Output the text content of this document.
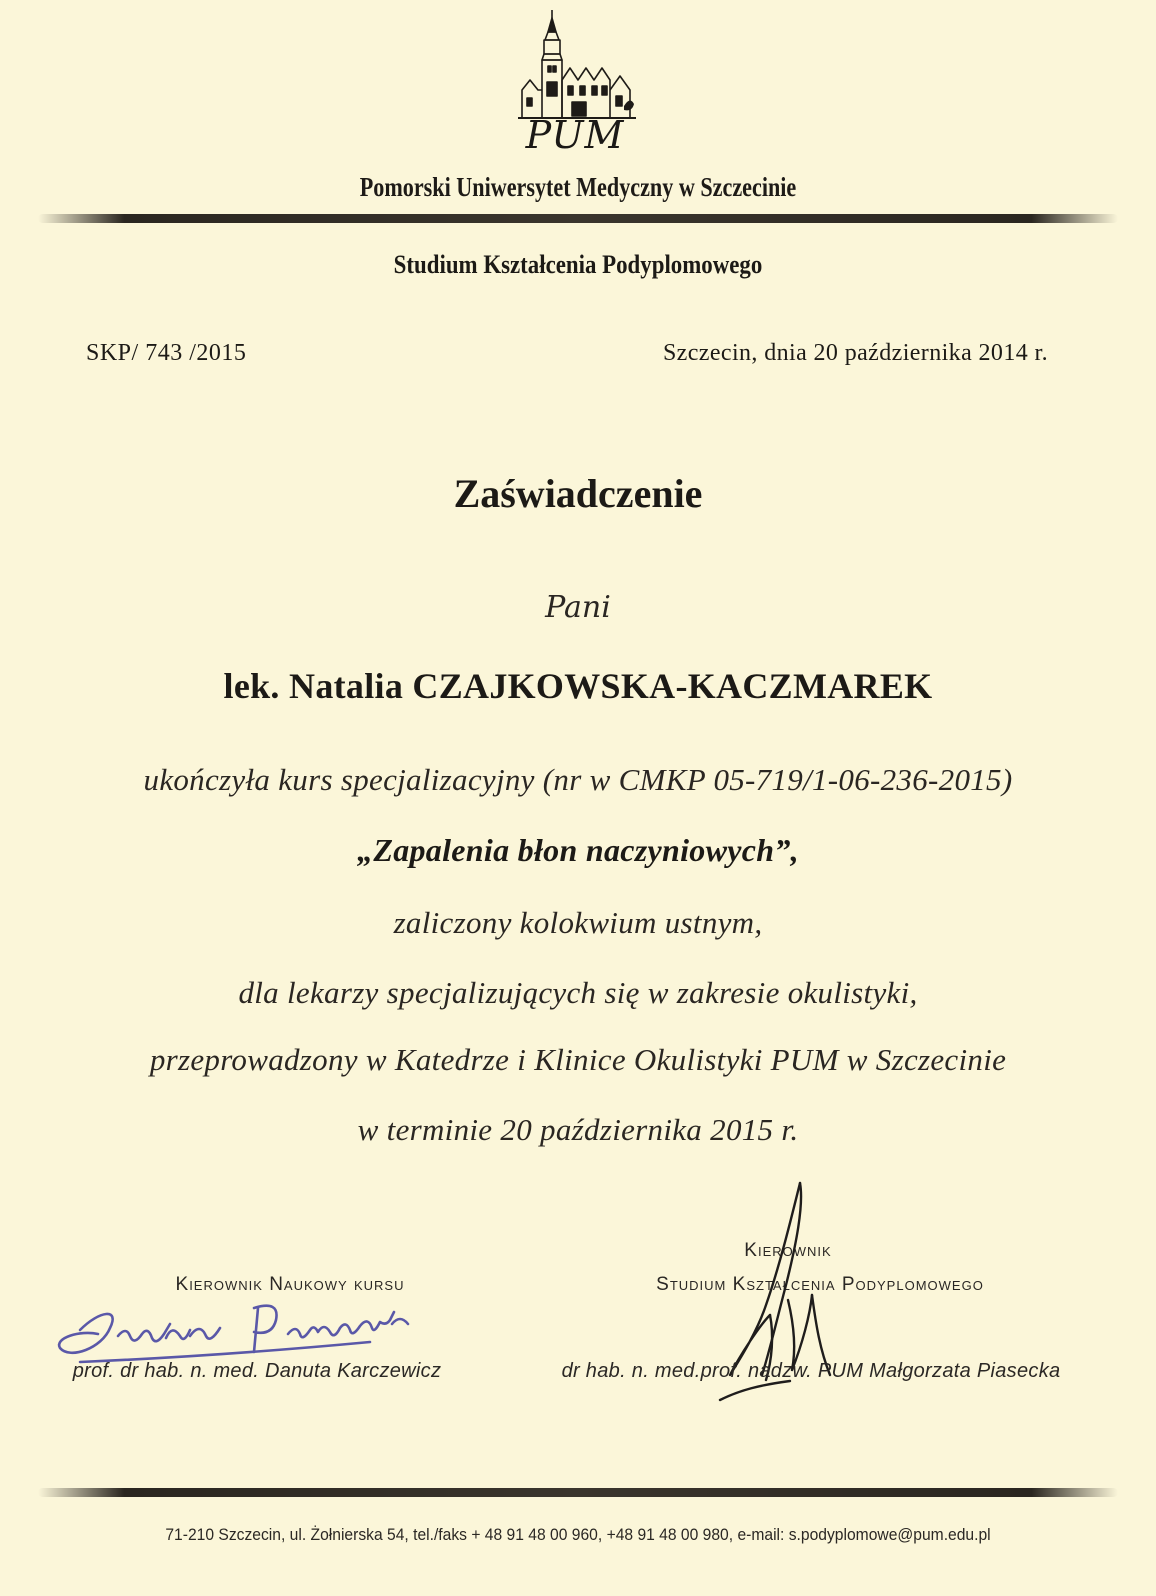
PUM
Pomorski Uniwersytet Medyczny w Szczecinie
Studium Kształcenia Podyplomowego
SKP/ 743 /2015	Szczecin, dnia 20 października 2014 r.
Zaświadczenie
Pani
lek. Natalia CZAJKOWSKA-KACZMAREK
ukończyła kurs specjalizacyjny (nr w CMKP 05-719/1-06-236-2015)
„Zapalenia błon naczyniowych”,
zaliczony kolokwium ustnym,
dla lekarzy specjalizujących się w zakresie okulistyki,
przeprowadzony w Katedrze i Klinice Okulistyki PUM w Szczecinie
w terminie 20 października 2015 r.
Kierownik Naukowy kursu
prof. dr hab. n. med. Danuta Karczewicz
Kierownik
Studium Kształcenia Podyplomowego
dr hab. n. med.prof. nadzw. PUM Małgorzata Piasecka
71-210 Szczecin, ul. Żołnierska 54, tel./faks + 48 91 48 00 960, +48 91 48 00 980, e-mail: s.podyplomowe@pum.edu.pl
